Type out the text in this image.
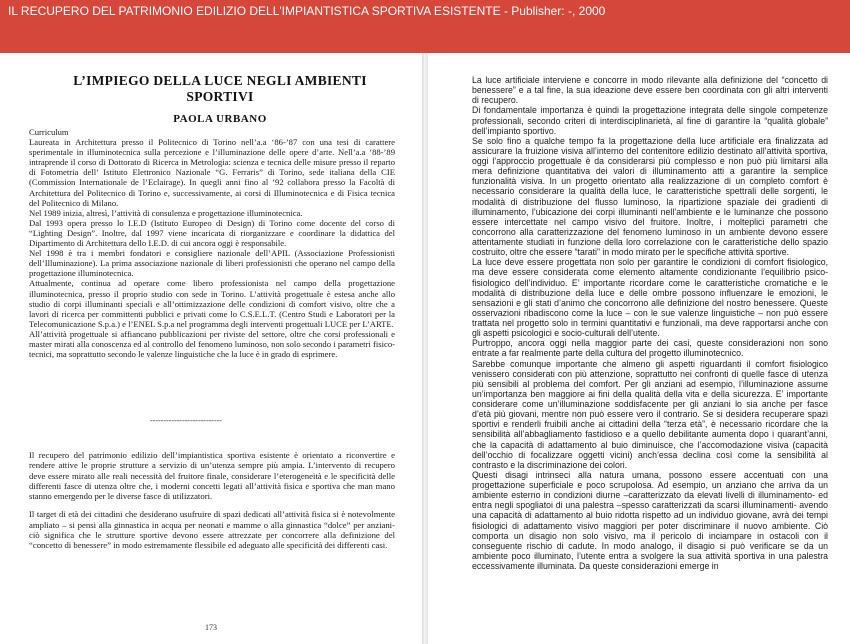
IL RECUPERO DEL PATRIMONIO EDILIZIO DELL'IMPIANTISTICA SPORTIVA ESISTENTE - Publisher: -, 2000
L’IMPIEGO DELLA LUCE NEGLI AMBIENTI SPORTIVI
PAOLA URBANO

Curriculum

Laureata in Architettura presso il Politecnico di Torino nell’a.a ‘86-’87 con una tesi di carattere sperimentale in illuminotecnica sulla percezione e l’illuminazione delle opere d’arte. Nell’a.a ‘88-’89 intraprende il corso di Dottorato di Ricerca in Metrologia: scienza e tecnica delle misure presso il reparto di Fotometria dell’ Istituto Elettronico Nazionale “G. Ferraris” di Torino, sede italiana della CIE (Commission Internationale de l’Eclairage). In quegli anni fino al ‘92 collabora presso la Facoltà di Architettura del Politecnico di Torino e, successivamente, ai corsi di Illuminotecnica e di Fisica tecnica del Politecnico di Milano.

Nel 1989 inizia, altresì, l’attività di consulenza e progettazione illuminotecnica.

Dal 1993 opera presso lo I.E.D (Istituto Europeo di Design) di Torino come docente del corso di “Lighting Design”. Inoltre, dal 1997 viene incaricata di riorganizzare e coordinare la didattica del Dipartimento di Architettura dello I.E.D. di cui ancora oggi è responsabile.

Nel 1998 è tra i membri fondatori e consigliere nazionale dell’APIL (Associazione Professionisti dell’Illuminazione). La prima associazione nazionale di liberi professionisti che operano nel campo della progettazione illuminotecnica.

Attualmente, continua ad operare come libero professionista nel campo della progettazione illuminotecnica, presso il proprio studio con sede in Torino. L’attività progettuale è estesa anche allo studio di corpi illuminanti speciali e all’ottimizzazione delle condizioni di comfort visivo, oltre che a lavori di ricerca per committenti pubblici e privati come lo C.S.E.L.T. (Centro Studi e Laboratori per la Telecomunicazione S.p.a.) e l’ENEL S.p.a nel programma degli interventi progettuali LUCE per L’ARTE.

All’attività progettuale si affiancano pubblicazioni per riviste del settore, oltre che corsi professionali e master mirati alla conoscenza ed al controllo del fenomeno luminoso, non solo secondo i parametri fisico-tecnici, ma soprattutto secondo le valenze linguistiche che la luce è in grado di esprimere.

---------------------------

Il recupero del patrimonio edilizio dell’impiantistica sportiva esistente è orientato a riconvertire e rendere attive le proprie strutture a servizio di un’utenza sempre più ampia. L’intervento di recupero deve essere mirato alle reali necessità del fruitore finale, considerare l’eterogeneità e le specificità delle differenti fasce di utenza oltre che, i moderni concetti legati all’attività fisica e sportiva che man mano stanno emergendo per le diverse fasce di utilizzatori.

Il target di età dei cittadini che desiderano usufruire di spazi dedicati all’attività fisica si è notevolmente ampliato – si pensi alla ginnastica in acqua per neonati e mamme o alla ginnastica “dolce” per anziani- ciò significa che le strutture sportive devono essere attrezzate per concorrere alla definizione del “concetto di benessere” in modo estremamente flessibile ed adeguato alle specificità dei differenti casi.

173

La luce artificiale interviene e concorre in modo rilevante alla definizione del “concetto di benessere” e a tal fine, la sua ideazione deve essere ben coordinata con gli altri interventi di recupero.

Di fondamentale importanza è quindi la progettazione integrata delle singole competenze professionali, secondo criteri di interdisciplinarietà, al fine di garantire la “qualità globale” dell’impianto sportivo.

Se solo fino a qualche tempo fa la progettazione della luce artificiale era finalizzata ad assicurare la fruizione visiva all’interno del contenitore edilizio destinato all’attività sportiva, oggi l’approccio progettuale è da considerarsi più complesso e non può più limitarsi alla mera definizione quantitativa dei valori di illuminamento atti a garantire la semplice funzionalità visiva. In un progetto orientato alla realizzazione di un completo comfort è necessario considerare la qualità della luce, le caratteristiche spettrali delle sorgenti, le modalità di distribuzione del flusso luminoso, la ripartizione spaziale dei gradienti di illuminamento, l’ubicazione dei corpi illuminanti nell’ambiente e le luminanze che possono essere intercettate nel campo visivo del fruitore. Inoltre, i molteplici parametri che concorrono alla caratterizzazione del fenomeno luminoso in un ambiente devono essere attentamente studiati in funzione della loro correlazione con le caratteristiche dello spazio costruito, oltre che essere “tarati” in modo mirato per le specifiche attività sportive.

La luce deve essere progettata non solo per garantire le condizioni di comfort fisiologico, ma deve essere considerata come elemento altamente condizionante l’equilibrio psico-fisiologico dell’individuo. E’ importante ricordare come le caratteristiche cromatiche e le modalità di distribuzione della luce e delle ombre possono influenzare le emozioni, le sensazioni e gli stati d’animo che concorrono alle definizione del nostro benessere. Queste osservazioni ribadiscono come la luce – con le sue valenze linguistiche – non può essere trattata nel progetto solo in termini quantitativi e funzionali, ma deve rapportarsi anche con gli aspetti psicologici e socio-culturali dell’utente.

Purtroppo, ancora oggi nella maggior parte dei casi, queste considerazioni non sono entrate a far realmente parte della cultura del progetto illuminotecnico.

Sarebbe comunque importante che almeno gli aspetti riguardanti il comfort fisiologico venissero considerati con più attenzione, soprattutto nei confronti di quelle fasce di utenza più sensibili al problema del comfort. Per gli anziani ad esempio, l’illuminazione assume un’importanza ben maggiore ai fini della qualità della vita e della sicurezza. E’ importante considerare come un’illuminazione soddisfacente per gli anziani lo sia anche per fasce d’età più giovani, mentre non può essere vero il contrario. Se si desidera recuperare spazi sportivi e renderli fruibili anche ai cittadini della “terza età”, è necessario ricordare che la sensibilità all’abbagliamento fastidioso e a quello debilitante aumenta dopo i quarant’anni, che la capacità di adattamento al buio diminuisce, che l’accomodazione visiva (capacità dell’occhio di focalizzare oggetti vicini) anch’essa declina così come la sensibilità al contrasto e la discriminazione dei colori.

Questi disagi intrinseci alla natura umana, possono essere accentuati con una progettazione superficiale e poco scrupolosa. Ad esempio, un anziano che arriva da un ambiente esterno in condizioni diurne –caratterizzato da elevati livelli di illuminamento- ed entra negli spogliatoi di una palestra –spesso caratterizzati da scarsi illuminamenti- avendo una capacità di adattamento al buio ridotta rispetto ad un individuo giovane, avrà dei tempi fisiologici di adattamento visivo maggiori per poter discriminare il nuovo ambiente. Ciò comporta un disagio non solo visivo, ma il pericolo di inciampare in ostacoli con il conseguente rischio di cadute. In modo analogo, il disagio si può verificare se da un ambiente poco illuminato, l’utente entra a svolgere la sua attività sportiva in una palestra eccessivamente illuminata. Da queste considerazioni emerge in
